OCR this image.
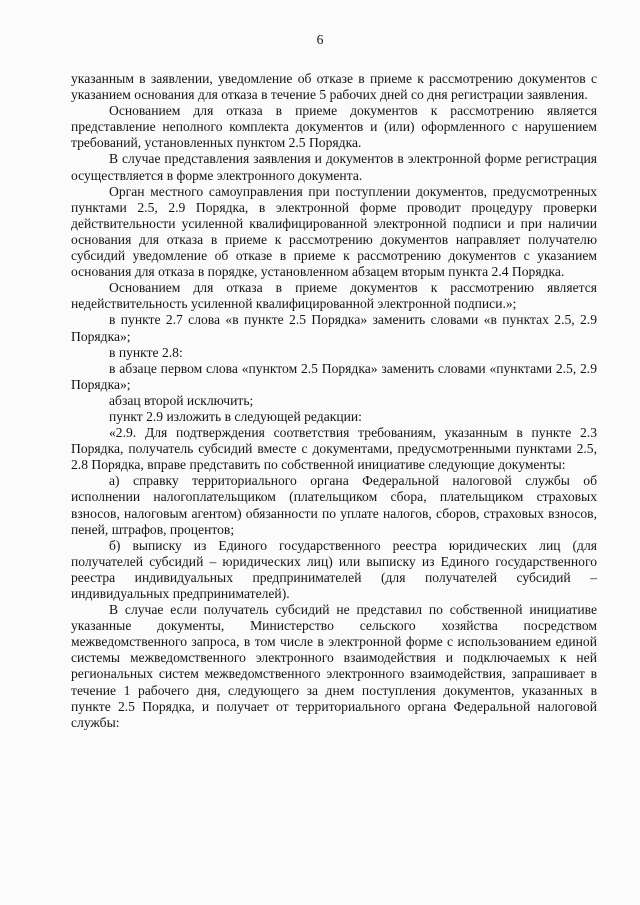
6

указанным в заявлении, уведомление об отказе в приеме к рассмотрению документов с указанием основания для отказа в течение 5 рабочих дней со дня регистрации заявления.

Основанием для отказа в приеме документов к рассмотрению является представление неполного комплекта документов и (или) оформленного с нарушением требований, установленных пунктом 2.5 Порядка.

В случае представления заявления и документов в электронной форме регистрация осуществляется в форме электронного документа.

Орган местного самоуправления при поступлении документов, предусмотренных пунктами 2.5, 2.9 Порядка, в электронной форме проводит процедуру проверки действительности усиленной квалифицированной электронной подписи и при наличии основания для отказа в приеме к рассмотрению документов направляет получателю субсидий уведомление об отказе в приеме к рассмотрению документов с указанием основания для отказа в порядке, установленном абзацем вторым пункта 2.4 Порядка.

Основанием для отказа в приеме документов к рассмотрению является недействительность усиленной квалифицированной электронной подписи.»;

в пункте 2.7 слова «в пункте 2.5 Порядка» заменить словами «в пунктах 2.5, 2.9 Порядка»;

в пункте 2.8:

в абзаце первом слова «пунктом 2.5 Порядка» заменить словами «пунктами 2.5, 2.9 Порядка»;

абзац второй исключить;

пункт 2.9 изложить в следующей редакции:

«2.9. Для подтверждения соответствия требованиям, указанным в пункте 2.3 Порядка, получатель субсидий вместе с документами, предусмотренными пунктами 2.5, 2.8 Порядка, вправе представить по собственной инициативе следующие документы:

а) справку территориального органа Федеральной налоговой службы об исполнении налогоплательщиком (плательщиком сбора, плательщиком страховых взносов, налоговым агентом) обязанности по уплате налогов, сборов, страховых взносов, пеней, штрафов, процентов;

б) выписку из Единого государственного реестра юридических лиц (для получателей субсидий – юридических лиц) или выписку из Единого государственного реестра индивидуальных предпринимателей (для получателей субсидий – индивидуальных предпринимателей).

В случае если получатель субсидий не представил по собственной инициативе указанные документы, Министерство сельского хозяйства посредством межведомственного запроса, в том числе в электронной форме с использованием единой системы межведомственного электронного взаимодействия и подключаемых к ней региональных систем межведомственного электронного взаимодействия, запрашивает в течение 1 рабочего дня, следующего за днем поступления документов, указанных в пункте 2.5 Порядка, и получает от территориального органа Федеральной налоговой службы:
